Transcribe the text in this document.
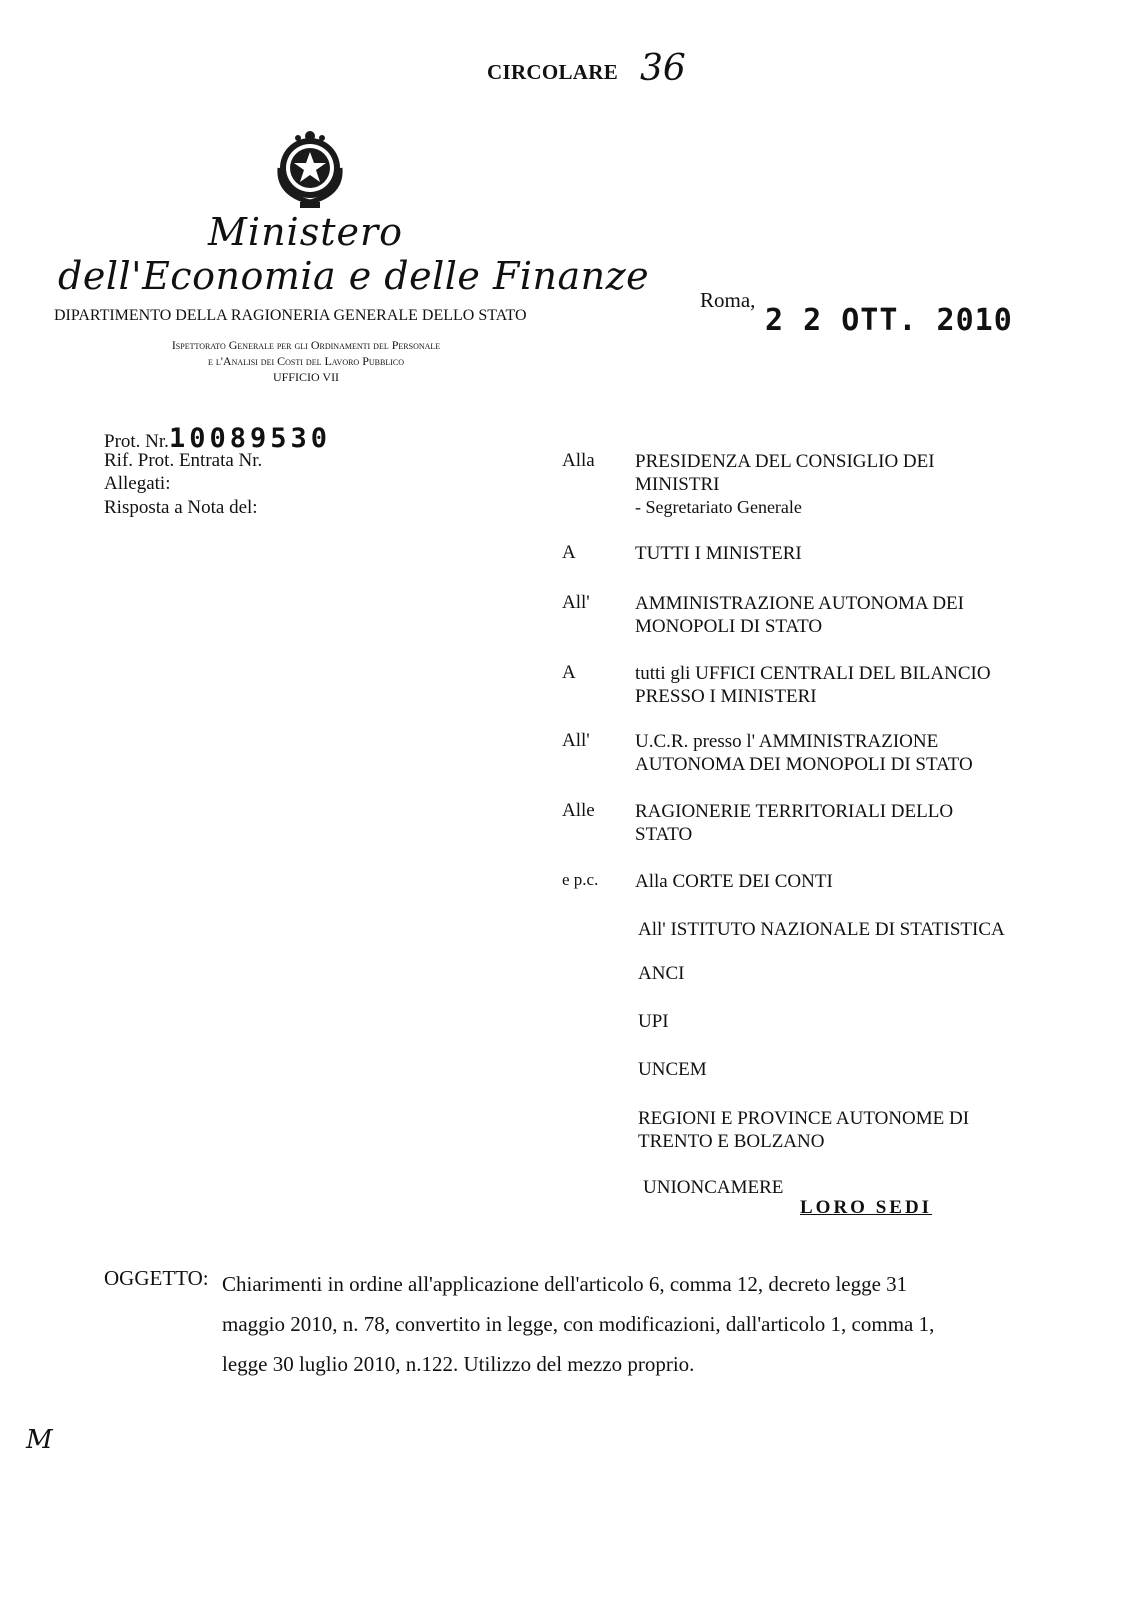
CIRCOLARE 36
Ministero
dell'Economia e delle Finanze
DIPARTIMENTO DELLA RAGIONERIA GENERALE DELLO STATO
Ispettorato Generale per gli Ordinamenti del Personale
e l'Analisi dei Costi del Lavoro Pubblico
UFFICIO VII
Roma,
2 2 OTT. 2010
Prot. Nr.10089530
Rif. Prot. Entrata Nr.
Allegati:
Risposta a Nota del:
Alla PRESIDENZA DEL CONSIGLIO DEI
MINISTRI
- Segretariato Generale
A	TUTTI I MINISTERI
All' AMMINISTRAZIONE AUTONOMA DEI
MONOPOLI DI STATO
A	tutti gli UFFICI CENTRALI DEL BILANCIO
PRESSO I MINISTERI
All' U.C.R. presso l' AMMINISTRAZIONE
AUTONOMA DEI MONOPOLI DI STATO
Alle RAGIONERIE TERRITORIALI DELLO
STATO
e p.c. Alla CORTE DEI CONTI
All' ISTITUTO NAZIONALE DI STATISTICA
ANCI
UPI
UNCEM
REGIONI E PROVINCE AUTONOME DI
TRENTO E BOLZANO
UNIONCAMERE
LORO SEDI
OGGETTO: Chiarimenti in ordine all'applicazione dell'articolo 6, comma 12, decreto legge 31
maggio 2010, n. 78, convertito in legge, con modificazioni, dall'articolo 1, comma 1,
legge 30 luglio 2010, n.122. Utilizzo del mezzo proprio.
M
